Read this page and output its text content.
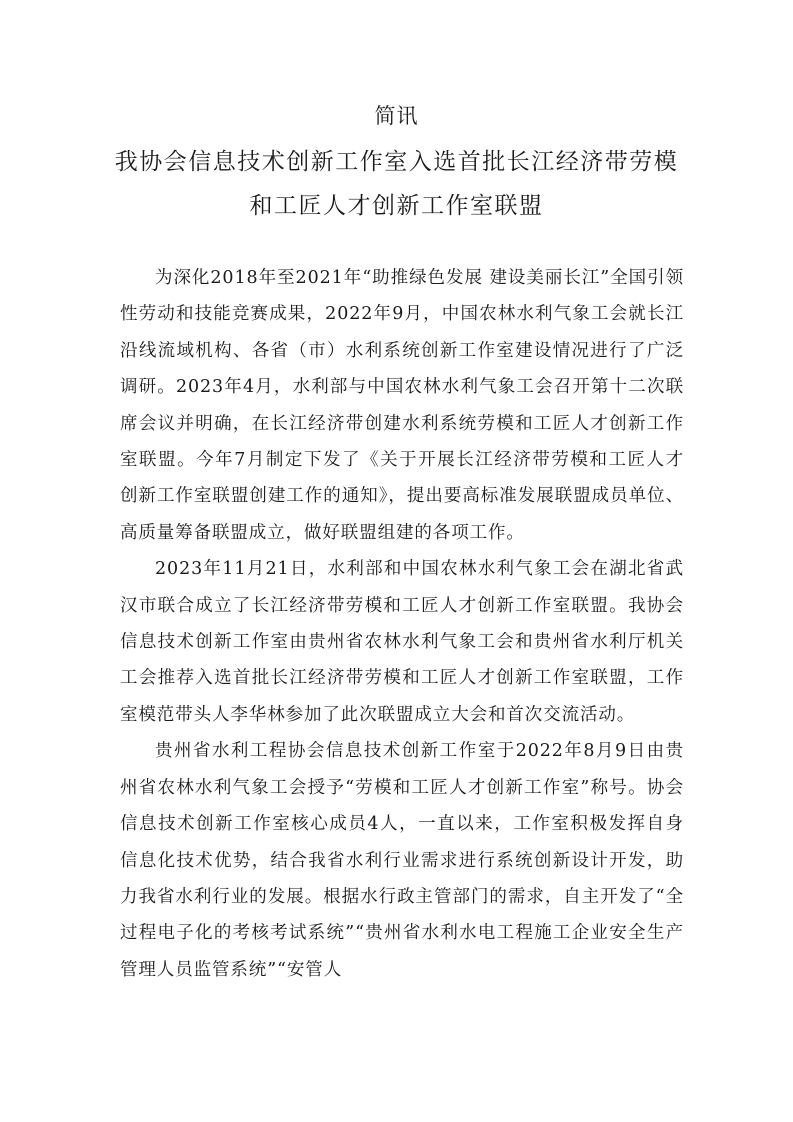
简讯
我协会信息技术创新工作室入选首批长江经济带劳模
和工匠人才创新工作室联盟

为深化2018年至2021年“助推绿色发展 建设美丽长江”全国引领性劳动和技能竞赛成果，2022年9月，中国农林水利气象工会就长江沿线流域机构、各省（市）水利系统创新工作室建设情况进行了广泛调研。2023年4月，水利部与中国农林水利气象工会召开第十二次联席会议并明确，在长江经济带创建水利系统劳模和工匠人才创新工作室联盟。今年7月制定下发了《关于开展长江经济带劳模和工匠人才创新工作室联盟创建工作的通知》，提出要高标准发展联盟成员单位、高质量筹备联盟成立，做好联盟组建的各项工作。

2023年11月21日，水利部和中国农林水利气象工会在湖北省武汉市联合成立了长江经济带劳模和工匠人才创新工作室联盟。我协会信息技术创新工作室由贵州省农林水利气象工会和贵州省水利厅机关工会推荐入选首批长江经济带劳模和工匠人才创新工作室联盟，工作室模范带头人李华林参加了此次联盟成立大会和首次交流活动。

贵州省水利工程协会信息技术创新工作室于2022年8月9日由贵州省农林水利气象工会授予“劳模和工匠人才创新工作室”称号。协会信息技术创新工作室核心成员4人，一直以来，工作室积极发挥自身信息化技术优势，结合我省水利行业需求进行系统创新设计开发，助力我省水利行业的发展。根据水行政主管部门的需求，自主开发了“全过程电子化的考核考试系统”“贵州省水利水电工程施工企业安全生产管理人员监管系统”“安管人
